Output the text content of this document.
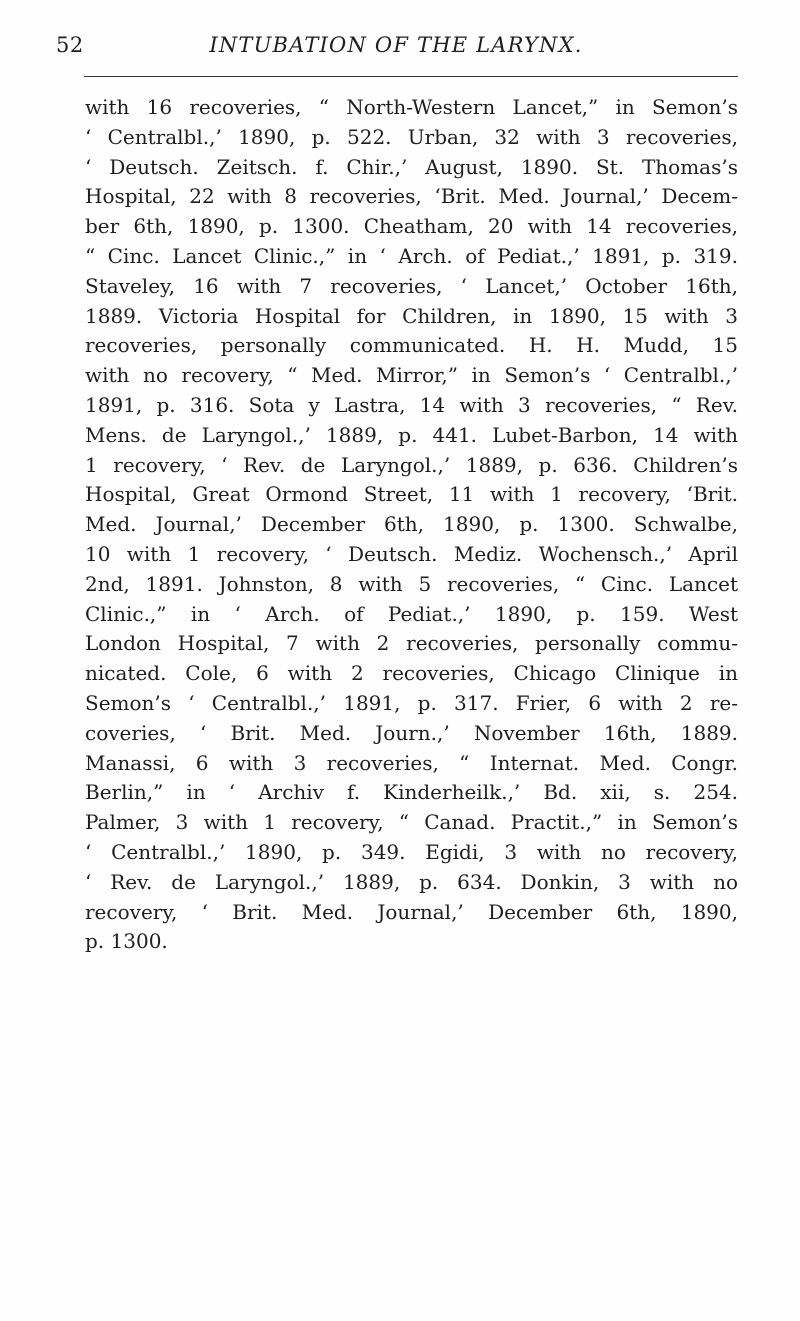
52	INTUBATION OF THE LARYNX.
with 16 recoveries, “ North-Western Lancet,” in Semon’s
‘ Centralbl.,’ 1890, p. 522. Urban, 32 with 3 recoveries,
‘ Deutsch. Zeitsch. f. Chir.,’ August, 1890. St. Thomas’s
Hospital, 22 with 8 recoveries, ‘Brit. Med. Journal,’ Decem-
ber 6th, 1890, p. 1300. Cheatham, 20 with 14 recoveries,
“ Cinc. Lancet Clinic.,” in ‘ Arch. of Pediat.,’ 1891, p. 319.
Staveley, 16 with 7 recoveries, ‘ Lancet,’ October 16th,
1889. Victoria Hospital for Children, in 1890, 15 with 3
recoveries, personally communicated. H. H. Mudd, 15
with no recovery, “ Med. Mirror,” in Semon’s ‘ Centralbl.,’
1891, p. 316. Sota y Lastra, 14 with 3 recoveries, “ Rev.
Mens. de Laryngol.,’ 1889, p. 441. Lubet-Barbon, 14 with
1 recovery, ‘ Rev. de Laryngol.,’ 1889, p. 636. Children’s
Hospital, Great Ormond Street, 11 with 1 recovery, ‘Brit.
Med. Journal,’ December 6th, 1890, p. 1300. Schwalbe,
10 with 1 recovery, ‘ Deutsch. Mediz. Wochensch.,’ April
2nd, 1891. Johnston, 8 with 5 recoveries, “ Cinc. Lancet
Clinic.,” in ‘ Arch. of Pediat.,’ 1890, p. 159. West
London Hospital, 7 with 2 recoveries, personally commu-
nicated. Cole, 6 with 2 recoveries, Chicago Clinique in
Semon’s ‘ Centralbl.,’ 1891, p. 317. Frier, 6 with 2 re-
coveries, ‘ Brit. Med. Journ.,’ November 16th, 1889.
Manassi, 6 with 3 recoveries, “ Internat. Med. Congr.
Berlin,” in ‘ Archiv f. Kinderheilk.,’ Bd. xii, s. 254.
Palmer, 3 with 1 recovery, “ Canad. Practit.,” in Semon’s
‘ Centralbl.,’ 1890, p. 349. Egidi, 3 with no recovery,
‘ Rev. de Laryngol.,’ 1889, p. 634. Donkin, 3 with no
recovery, ‘ Brit. Med. Journal,’ December 6th, 1890,
p. 1300.
